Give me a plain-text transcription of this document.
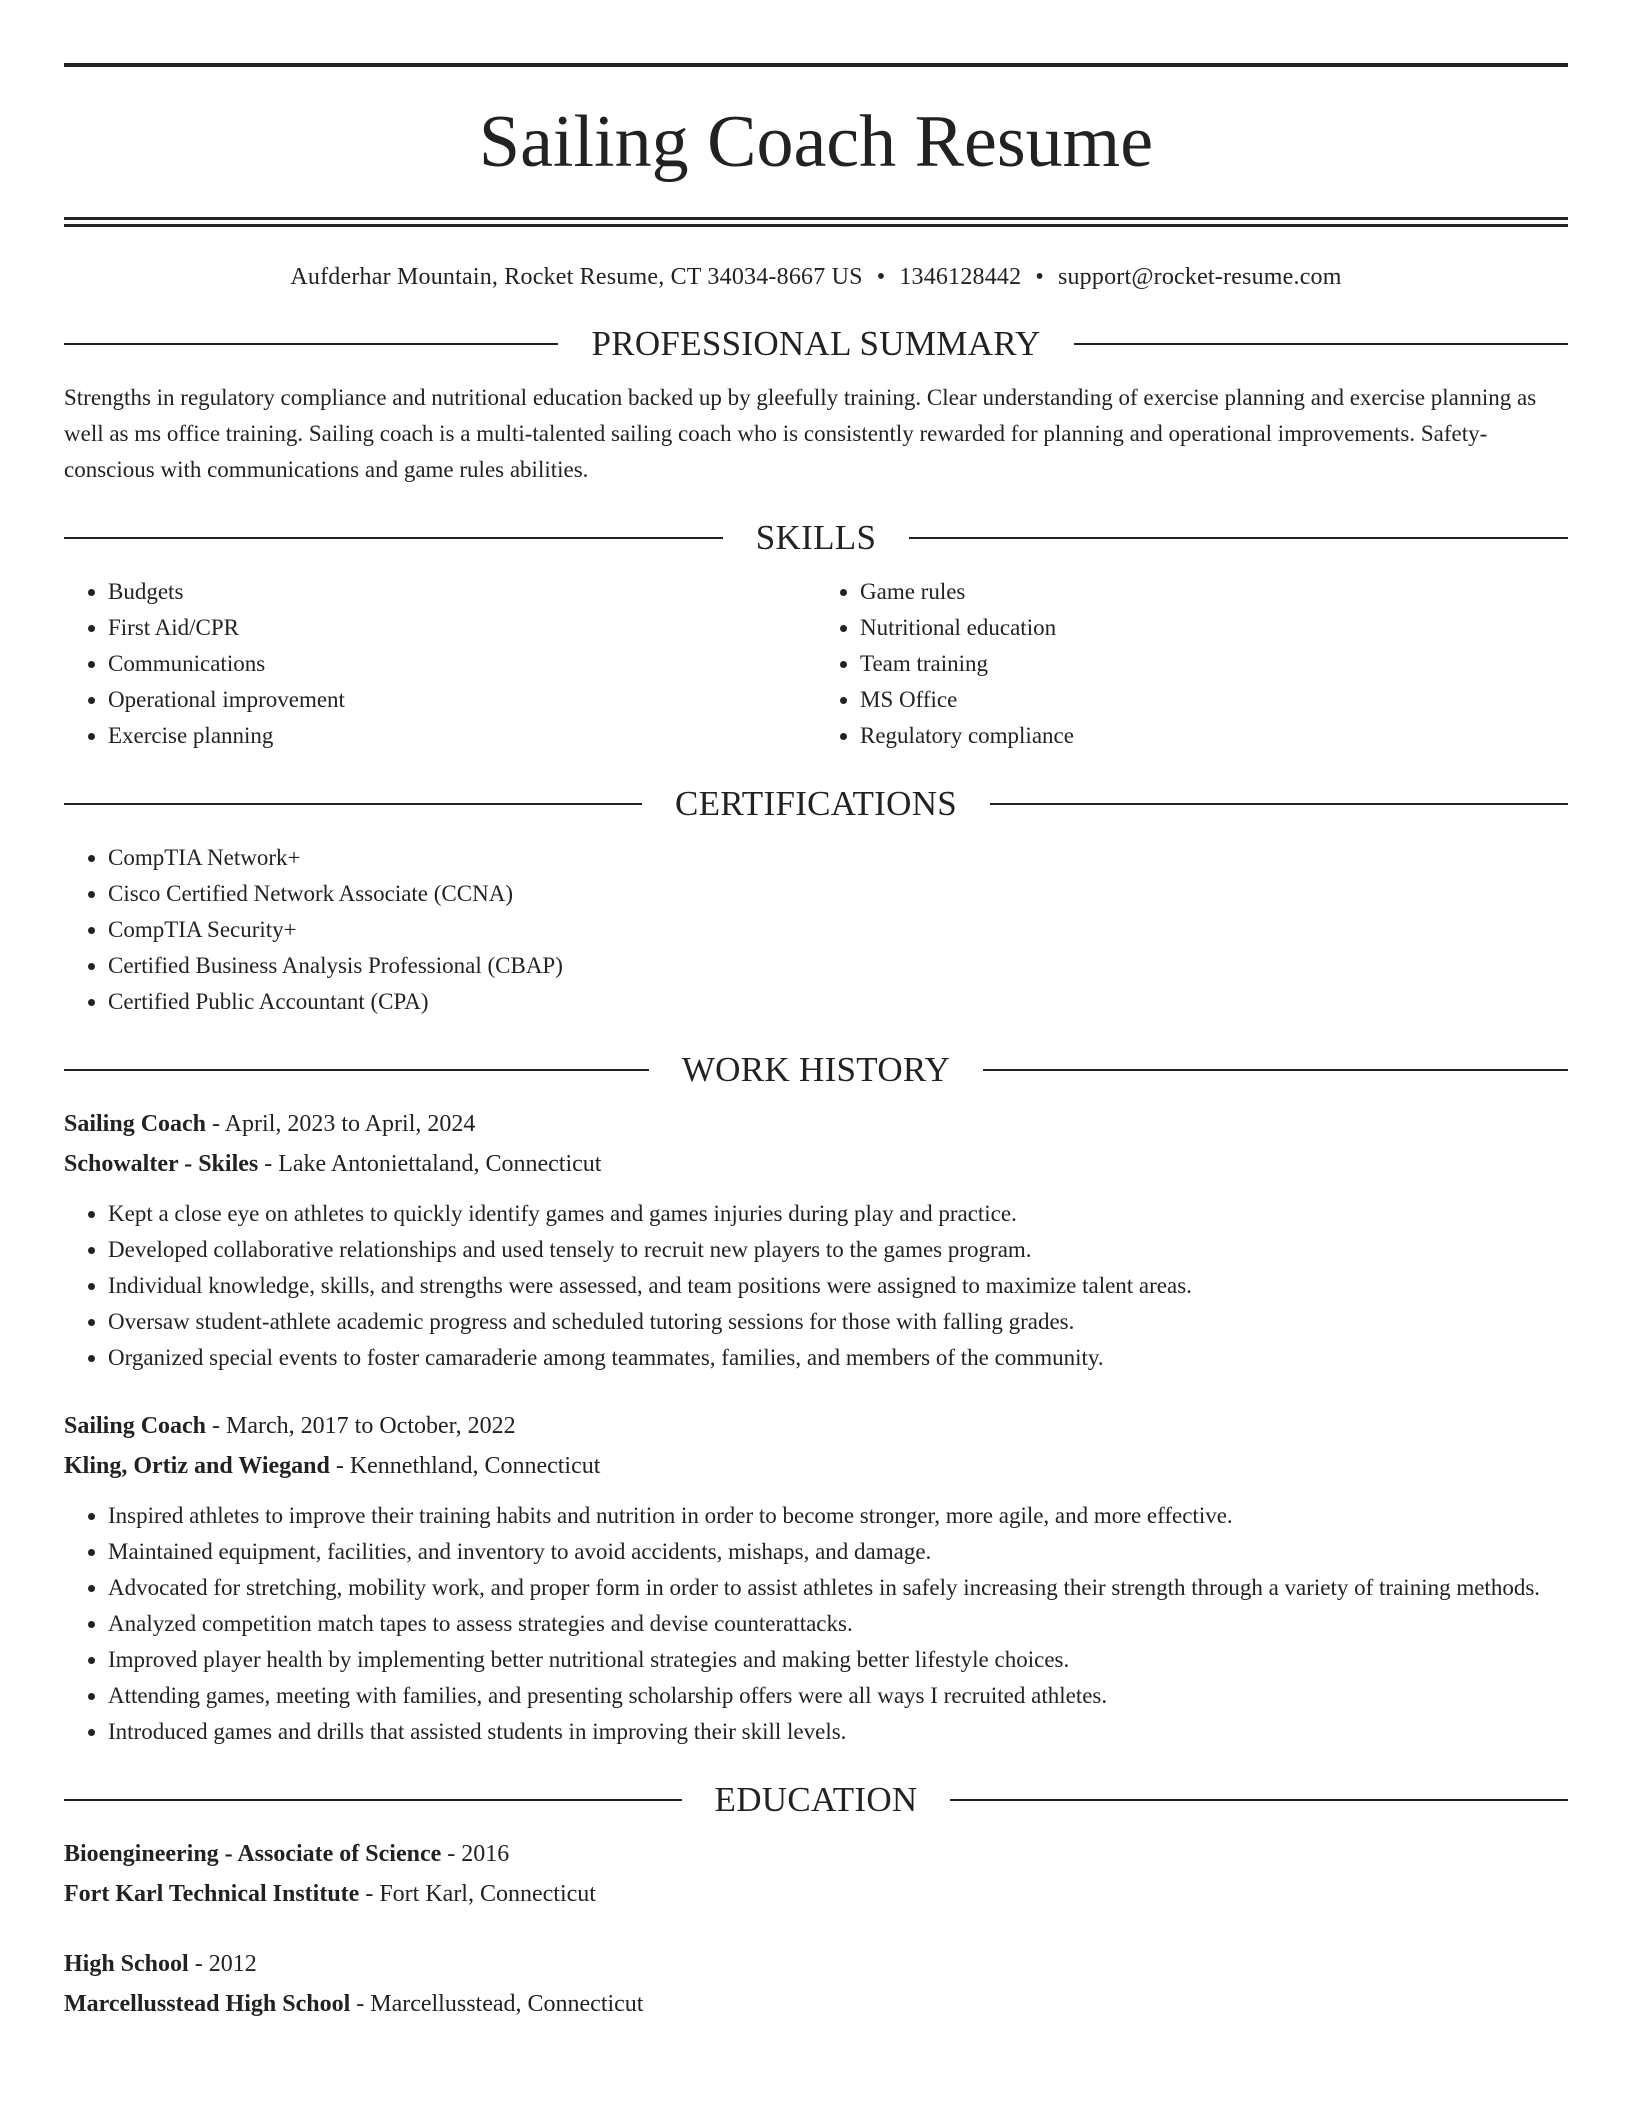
Sailing Coach Resume
Aufderhar Mountain, Rocket Resume, CT 34034-8667 US • 1346128442 • support@rocket-resume.com
PROFESSIONAL SUMMARY
Strengths in regulatory compliance and nutritional education backed up by gleefully training. Clear understanding of exercise planning and exercise planning as well as ms office training. Sailing coach is a multi-talented sailing coach who is consistently rewarded for planning and operational improvements. Safety-conscious with communications and game rules abilities.
SKILLS
• Budgets
• First Aid/CPR
• Communications
• Operational improvement
• Exercise planning
• Game rules
• Nutritional education
• Team training
• MS Office
• Regulatory compliance
CERTIFICATIONS
• CompTIA Network+
• Cisco Certified Network Associate (CCNA)
• CompTIA Security+
• Certified Business Analysis Professional (CBAP)
• Certified Public Accountant (CPA)
WORK HISTORY
Sailing Coach - April, 2023 to April, 2024
Schowalter - Skiles - Lake Antoniettaland, Connecticut
• Kept a close eye on athletes to quickly identify games and games injuries during play and practice.
• Developed collaborative relationships and used tensely to recruit new players to the games program.
• Individual knowledge, skills, and strengths were assessed, and team positions were assigned to maximize talent areas.
• Oversaw student-athlete academic progress and scheduled tutoring sessions for those with falling grades.
• Organized special events to foster camaraderie among teammates, families, and members of the community.
Sailing Coach - March, 2017 to October, 2022
Kling, Ortiz and Wiegand - Kennethland, Connecticut
• Inspired athletes to improve their training habits and nutrition in order to become stronger, more agile, and more effective.
• Maintained equipment, facilities, and inventory to avoid accidents, mishaps, and damage.
• Advocated for stretching, mobility work, and proper form in order to assist athletes in safely increasing their strength through a variety of training methods.
• Analyzed competition match tapes to assess strategies and devise counterattacks.
• Improved player health by implementing better nutritional strategies and making better lifestyle choices.
• Attending games, meeting with families, and presenting scholarship offers were all ways I recruited athletes.
• Introduced games and drills that assisted students in improving their skill levels.
EDUCATION
Bioengineering - Associate of Science - 2016
Fort Karl Technical Institute - Fort Karl, Connecticut
High School - 2012
Marcellusstead High School - Marcellusstead, Connecticut
